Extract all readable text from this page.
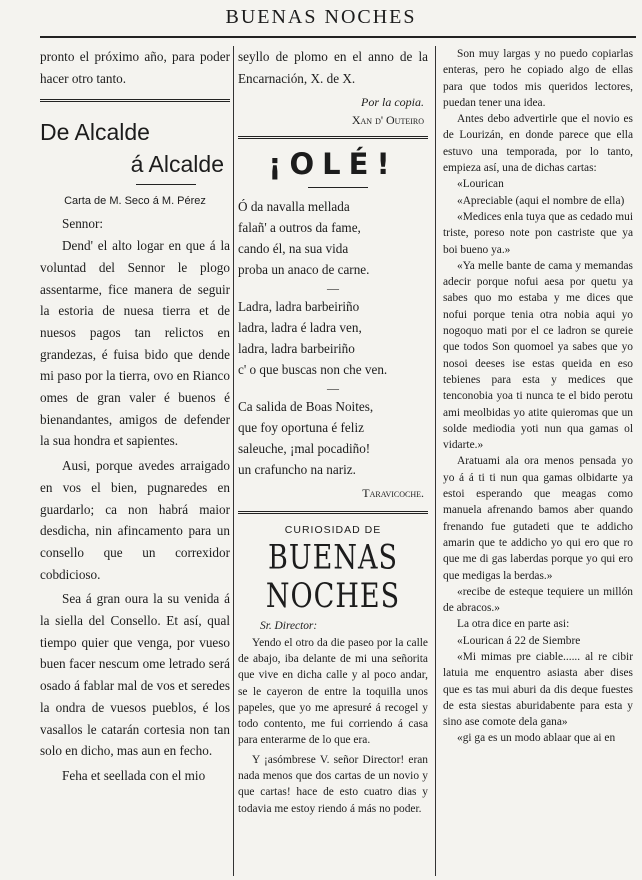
BUENAS NOCHES

pronto el próximo año, para poder hacer otro tanto.

De Alcalde
á Alcalde
Carta de M. Seco á M. Pérez

Sennor:

Dend' el alto logar en que á la voluntad del Sennor le plogo assentarme, fice manera de seguir la estoria de nuesa tierra et de nuesos pagos tan relictos en grandezas, é fuisa bido que dende mi paso por la tierra, ovo en Rianco omes de gran valer é buenos é bienandantes, amigos de defender la sua hondra et sapientes.

Ausi, porque avedes arraigado en vos el bien, pugnaredes en guardarlo; ca non habrá maior desdicha, nin afincamento para un consello que un correxidor cobdicioso.

Sea á gran oura la su venida á la siella del Consello. Et así, qual tiempo quier que venga, por vueso buen facer nescum ome letrado será osado á fablar mal de vos et seredes la ondra de vuesos pueblos, é los vasallos le catarán cortesia non tan solo en dicho, mas aun en fecho.

Feha et seellada con el mio

seyllo de plomo en el anno de la Encarnación, X. de X.

Por la copia.

Xan d' Outeiro

¡OLÉ!
Ó da navalla mellada
falañ' a outros da fame,
cando él, na sua vida
proba un anaco de carne.
—
Ladra, ladra barbeiriño
ladra, ladra é ladra ven,
ladra, ladra barbeiriño
c' o que buscas non che ven.
—
Ca salida de Boas Noites,
que foy oportuna é feliz
saleuche, ¡mal pocadiño!
un crafuncho na nariz.

Taravicoche.

CURIOSIDAD DE
BUENAS NOCHES

Sr. Director:

Yendo el otro da die paseo por la calle de abajo, iba delante de mi una señorita que vive en dicha calle y al poco andar, se le cayeron de entre la toquilla unos papeles, que yo me apresuré á recogel y todo contento, me fui corriendo á casa para enterarme de lo que era.

Y ¡asómbrese V. señor Director! eran nada menos que dos cartas de un novio y que cartas! hace de esto cuatro dias y todavia me estoy riendo á más no poder.

Son muy largas y no puedo copiarlas enteras, pero he copiado algo de ellas para que todos mis queridos lectores, puedan tener una idea.

Antes debo advertirle que el novio es de Lourizán, en donde parece que ella estuvo una temporada, por lo tanto, empieza así, una de dichas cartas:

«Lourican

«Apreciable (aqui el nombre de ella)

«Medices enla tuya que as cedado mui triste, poreso note pon castriste que ya boi bueno ya.»

«Ya melle bante de cama y memandas adecir porque nofui aesa por quetu ya sabes quo mo estaba y me dices que nofui porque tenia otra nobia aqui yo nogoquo mati por el ce ladron se qureie que todos Son quomoel ya sabes que yo nosoi deeses ise estas queida en eso tebienes para esta y medices que tenconobia yoa ti nunca te el bido perotu ami meolbidas yo atite quieromas que un solde mediodia yoti nun qua gamas ol vidarte.»

Aratuami ala ora menos pensada yo yo á á ti ti nun qua gamas olbidarte ya estoi esperando que meagas como manuela afrenando bamos aber quando frenando fue gutadeti que te addicho amarin que te addicho yo qui ero que ro que me di gas laberdas porque yo qui ero que medigas la berdas.»

«recibe de esteque tequiere un millón de abracos.»

La otra dice en parte asi:

«Lourican á 22 de Siembre

«Mi mimas pre ciable...... al re cibir latuia me enquentro asiasta aber dises que es tas mui aburi da dis deque fuestes de esta siestas aburidabente para esta y sino ase comote dela gana»

«gi ga es un modo ablaar que ai en
